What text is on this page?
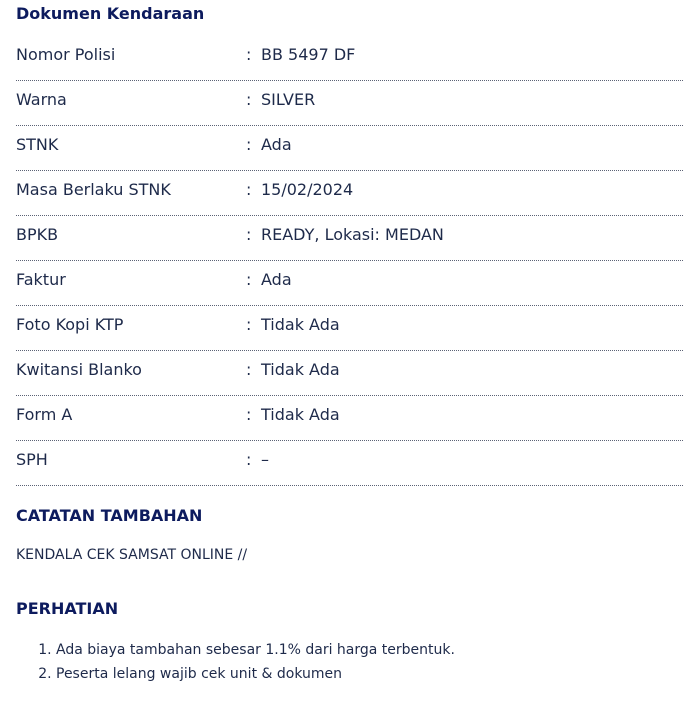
Dokumen Kendaraan
Nomor Polisi	: BB 5497 DF
Warna	: SILVER
STNK	: Ada
Masa Berlaku STNK	: 15/02/2024
BPKB	: READY, Lokasi: MEDAN
Faktur	: Ada
Foto Kopi KTP	: Tidak Ada
Kwitansi Blanko	: Tidak Ada
Form A	: Tidak Ada
SPH	: –
CATATAN TAMBAHAN

KENDALA CEK SAMSAT ONLINE //

PERHATIAN
1. Ada biaya tambahan sebesar 1.1% dari harga terbentuk.
2. Peserta lelang wajib cek unit & dokumen
